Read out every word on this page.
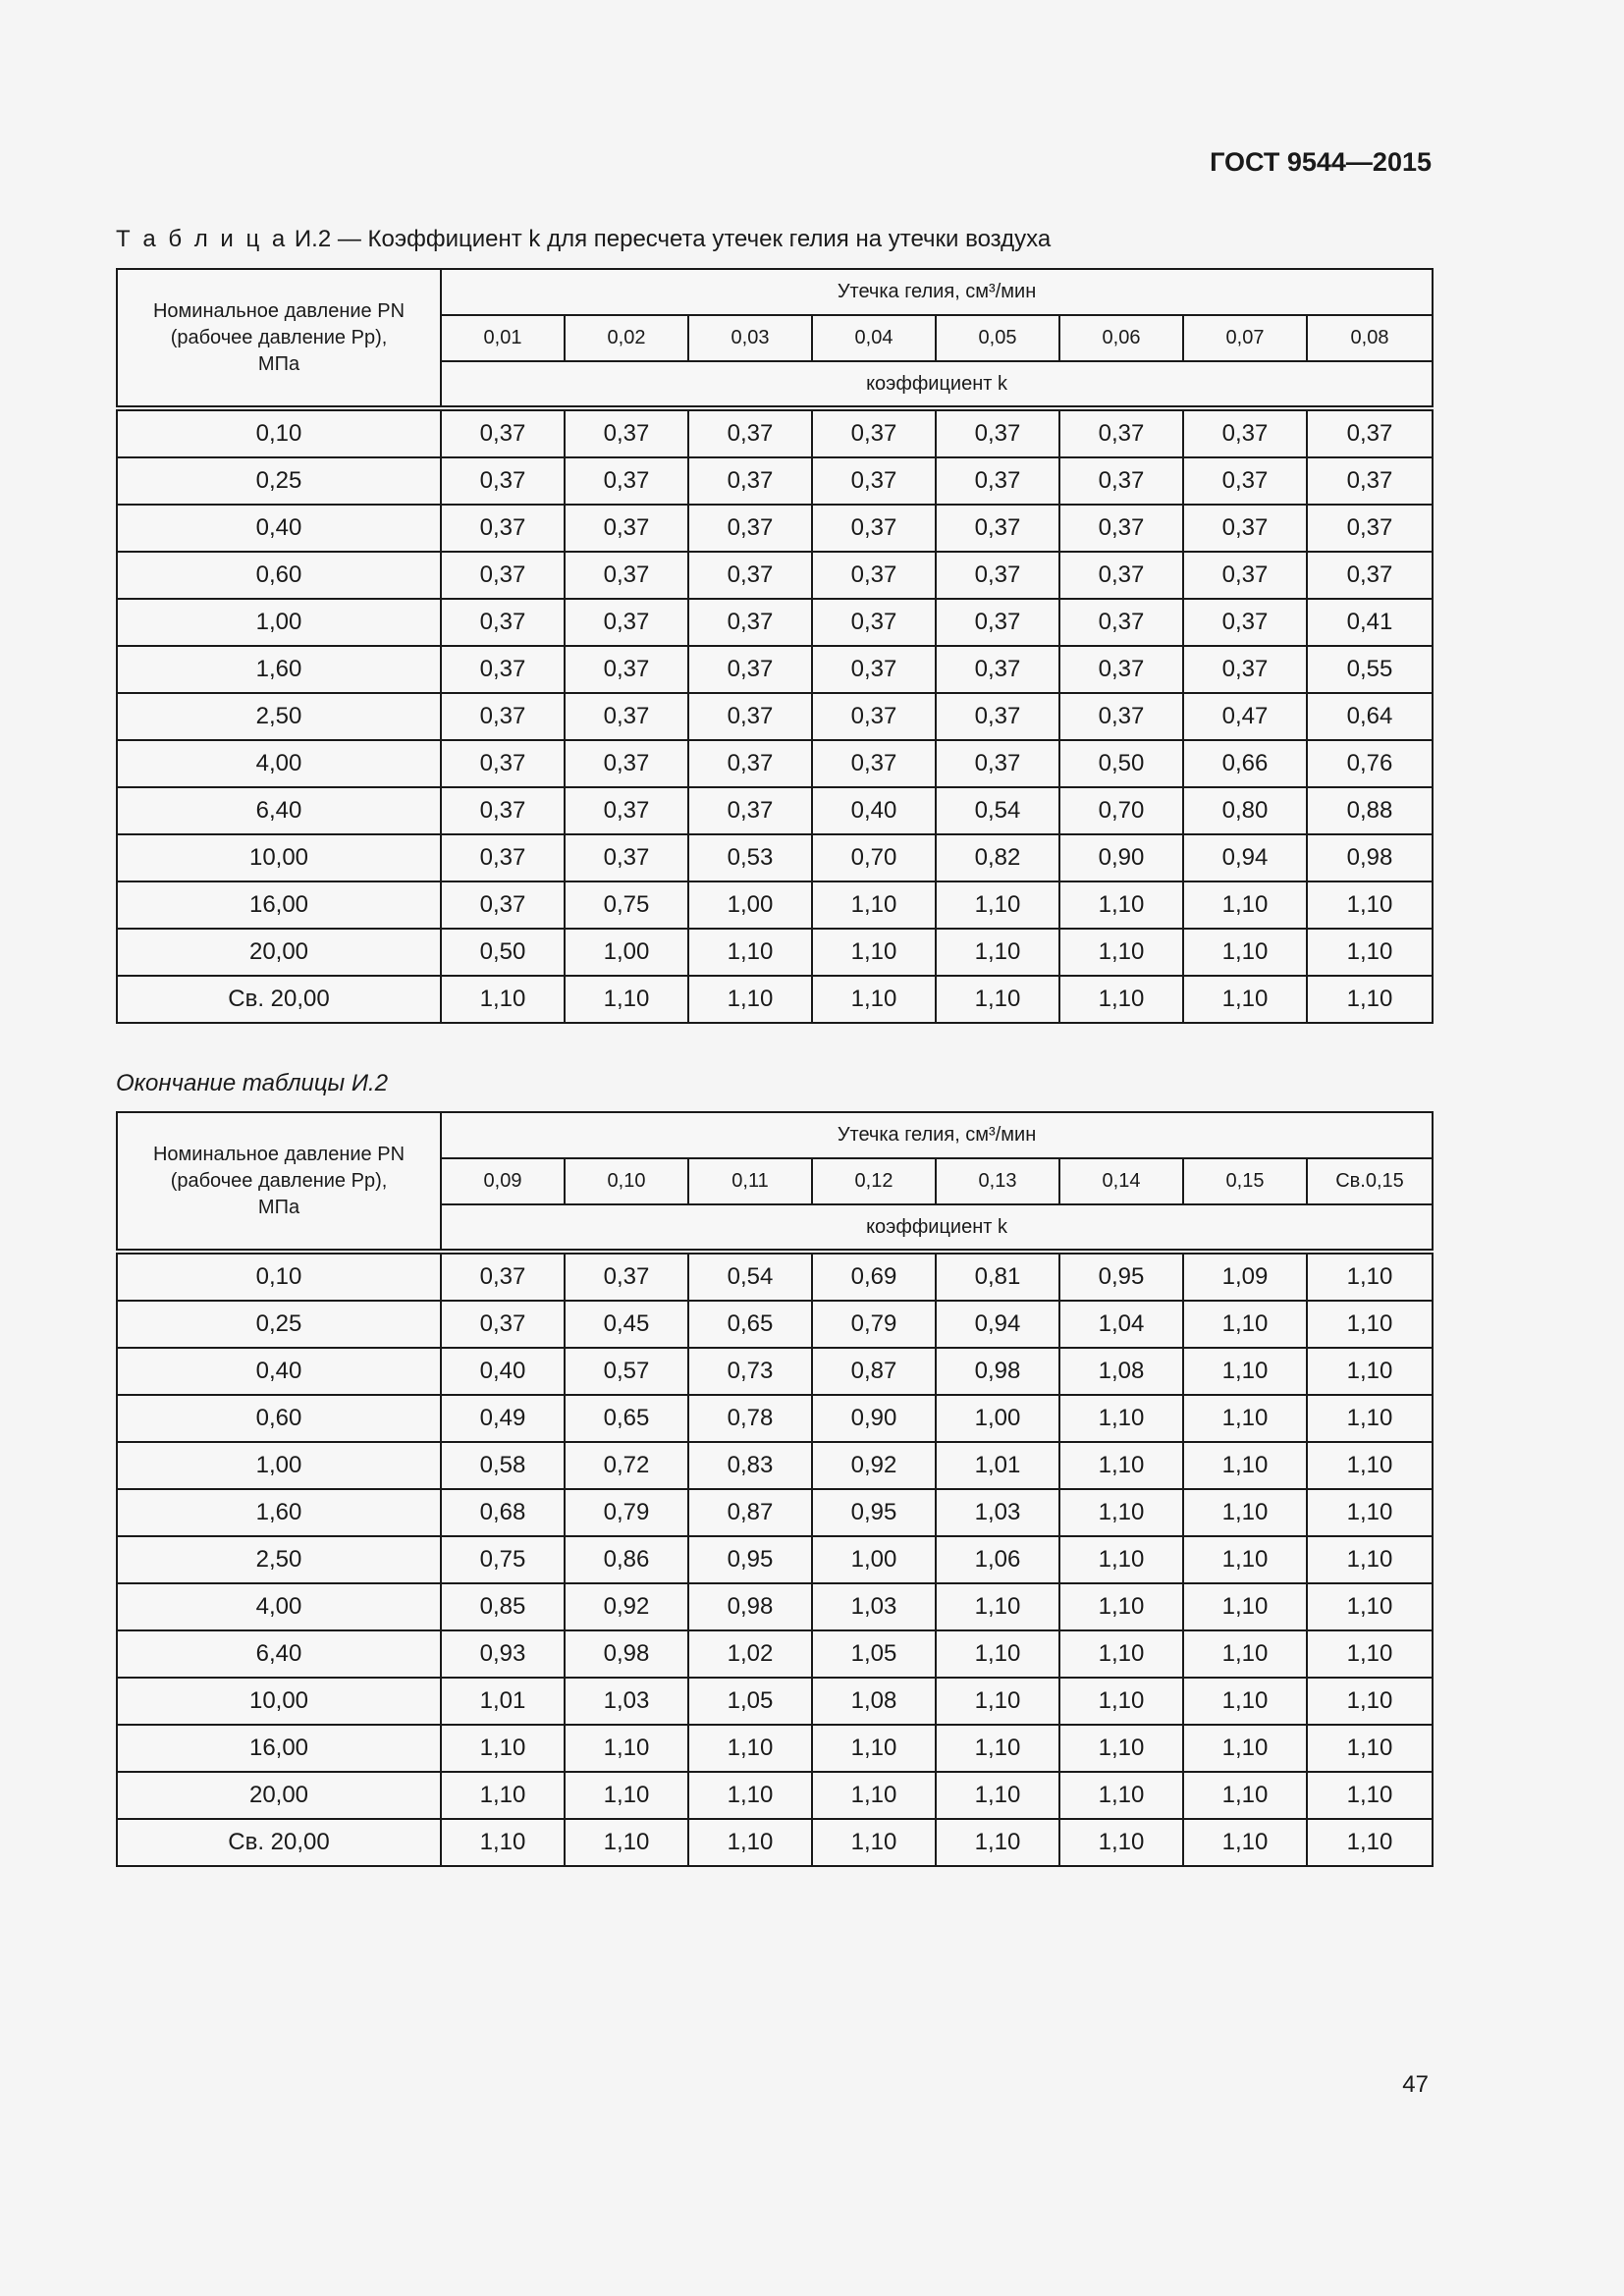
ГОСТ 9544—2015
Т а б л и ц а И.2 — Коэффициент k для пересчета утечек гелия на утечки воздуха
Номинальное давление PN
(рабочее давление Pр),
МПа	Утечка гелия, см³/мин							
	0,01	0,02	0,03	0,04	0,05	0,06	0,07	0,08
	коэффициент k							
0,10	0,37	0,37	0,37	0,37	0,37	0,37	0,37	0,37
0,25	0,37	0,37	0,37	0,37	0,37	0,37	0,37	0,37
0,40	0,37	0,37	0,37	0,37	0,37	0,37	0,37	0,37
0,60	0,37	0,37	0,37	0,37	0,37	0,37	0,37	0,37
1,00	0,37	0,37	0,37	0,37	0,37	0,37	0,37	0,41
1,60	0,37	0,37	0,37	0,37	0,37	0,37	0,37	0,55
2,50	0,37	0,37	0,37	0,37	0,37	0,37	0,47	0,64
4,00	0,37	0,37	0,37	0,37	0,37	0,50	0,66	0,76
6,40	0,37	0,37	0,37	0,40	0,54	0,70	0,80	0,88
10,00	0,37	0,37	0,53	0,70	0,82	0,90	0,94	0,98
16,00	0,37	0,75	1,00	1,10	1,10	1,10	1,10	1,10
20,00	0,50	1,00	1,10	1,10	1,10	1,10	1,10	1,10
Св. 20,00	1,10	1,10	1,10	1,10	1,10	1,10	1,10	1,10
Окончание таблицы И.2
Номинальное давление PN
(рабочее давление Pр),
МПа	Утечка гелия, см³/мин							
	0,09	0,10	0,11	0,12	0,13	0,14	0,15	Св.0,15
	коэффициент k							
0,10	0,37	0,37	0,54	0,69	0,81	0,95	1,09	1,10
0,25	0,37	0,45	0,65	0,79	0,94	1,04	1,10	1,10
0,40	0,40	0,57	0,73	0,87	0,98	1,08	1,10	1,10
0,60	0,49	0,65	0,78	0,90	1,00	1,10	1,10	1,10
1,00	0,58	0,72	0,83	0,92	1,01	1,10	1,10	1,10
1,60	0,68	0,79	0,87	0,95	1,03	1,10	1,10	1,10
2,50	0,75	0,86	0,95	1,00	1,06	1,10	1,10	1,10
4,00	0,85	0,92	0,98	1,03	1,10	1,10	1,10	1,10
6,40	0,93	0,98	1,02	1,05	1,10	1,10	1,10	1,10
10,00	1,01	1,03	1,05	1,08	1,10	1,10	1,10	1,10
16,00	1,10	1,10	1,10	1,10	1,10	1,10	1,10	1,10
20,00	1,10	1,10	1,10	1,10	1,10	1,10	1,10	1,10
Св. 20,00	1,10	1,10	1,10	1,10	1,10	1,10	1,10	1,10
47
